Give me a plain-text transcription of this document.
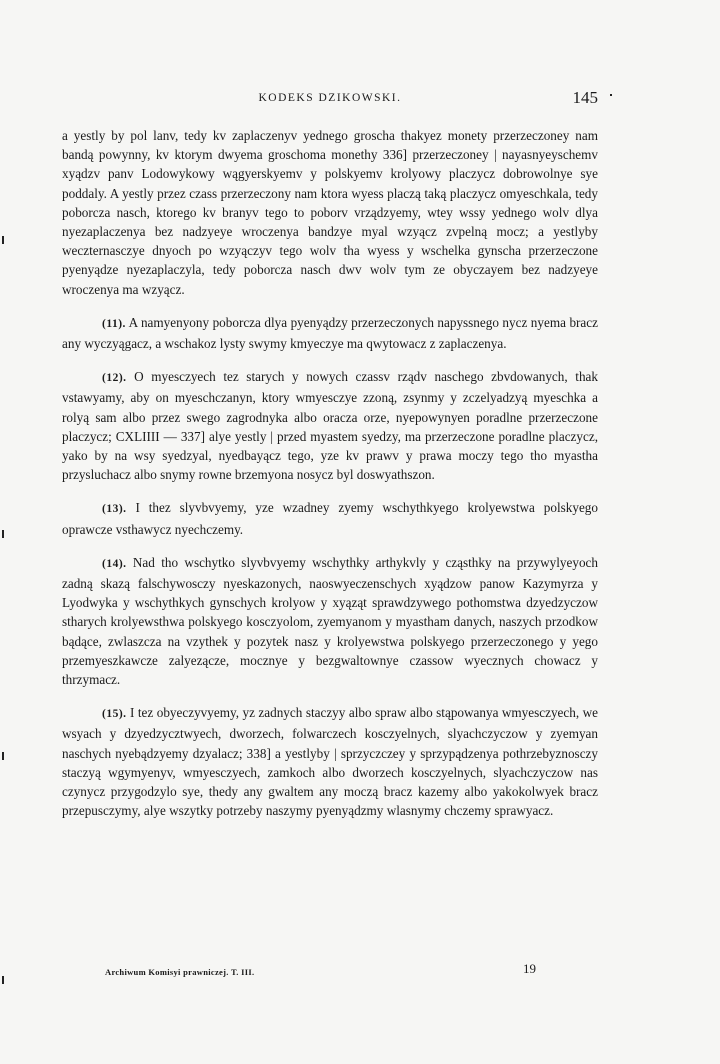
KODEKS DZIKOWSKI.	145

a yestly by pol lanv, tedy kv zaplaczenyv yednego groscha thakyez monety przerzeczoney nam bandą powynny, kv ktorym dwyema groschoma monethy 336] przerzeczoney | nayasnyeyschemv xyądzv panv Lodowykowy wągyerskyemv y polskyemv krolyowy placzycz dobrowolnye sye poddaly. A yestly przez czass przerzeczony nam ktora wyess placzą taką placzycz omyeschkala, tedy poborcza nasch, ktorego kv branyv tego to poborv vrządzyemy, wtey wssy yednego wolv dlya nyezaplaczenya bez nadzyeye wroczenya bandzye myal wzyącz zvpelną mocz; a yestlyby weczternasczye dnyoch po wzyączyv tego wolv tha wyess y wschelka gynscha przerzeczone pyenyądze nyezaplaczyla, tedy poborcza nasch dwv wolv tym ze obyczayem bez nadzyeye wroczenya ma wzyącz.

(11). A namyenyony poborcza dlya pyenyądzy przerzeczonych napyssnego nycz nyema bracz any wyczyągacz, a wschakoz lysty swymy kmyeczye ma qwytowacz z zaplaczenya.

(12). O myesczyech tez starych y nowych czassv rządv naschego zbvdowanych, thak vstawyamy, aby on myeschczanyn, ktory wmyesczye zzoną, zsynmy y zczelyadzyą myeschka a rolyą sam albo przez swego zagrodnyka albo oracza orze, nyepowynyen poradlne przerzeczone placzycz; CXLIIII — 337] alye yestly | przed myastem syedzy, ma przerzeczone poradlne placzycz, yako by na wsy syedzyal, nyedbayącz tego, yze kv prawv y prawa moczy tego tho myastha przysluchacz albo snymy rowne brzemyona nosycz byl doswyathszon.

(13). I thez slyvbvyemy, yze wzadney zyemy wschythkyego krolyewstwa polskyego oprawcze vsthawycz nyechczemy.

(14). Nad tho wschytko slyvbvyemy wschythky arthykvly y cząsthky na przywylyeyoch zadną skazą falschywosczy nyeskazonych, naoswyeczenschych xyądzow panow Kazymyrza y Lyodwyka y wschythkych gynschych krolyow y xyąząt sprawdzywego pothomstwa dzyedzyczow stharych krolyewsthwa polskyego kosczyolom, zyemyanom y myastham danych, naszych przodkow bądące, zwlaszcza na vzythek y pozytek nasz y krolyewstwa polskyego przerzeczonego y yego przemyeszkawcze zalyezącze, mocznye y bezgwaltownye czassow wyecznych chowacz y thrzymacz.

(15). I tez obyeczyvyemy, yz zadnych staczyy albo spraw albo stąpowanya wmyesczyech, we wsyach y dzyedzycztwyech, dworzech, folwarczech kosczyelnych, slyachczyczow y zyemyan naschych nyebądzyemy dzyalacz; 338] a yestlyby | sprzyczczey y sprzypądzenya pothrzebyznosczy staczyą wgymyenyv, wmyesczyech, zamkoch albo dworzech kosczyelnych, slyachczyczow nas czynycz przygodzylo sye, thedy any gwaltem any moczą bracz kazemy albo yakokolwyek bracz przepusczymy, alye wszytky potrzeby naszymy pyenyądzmy wlasnymy chczemy sprawyacz.

Archiwum Komisyi prawniczej. T. III.	19
